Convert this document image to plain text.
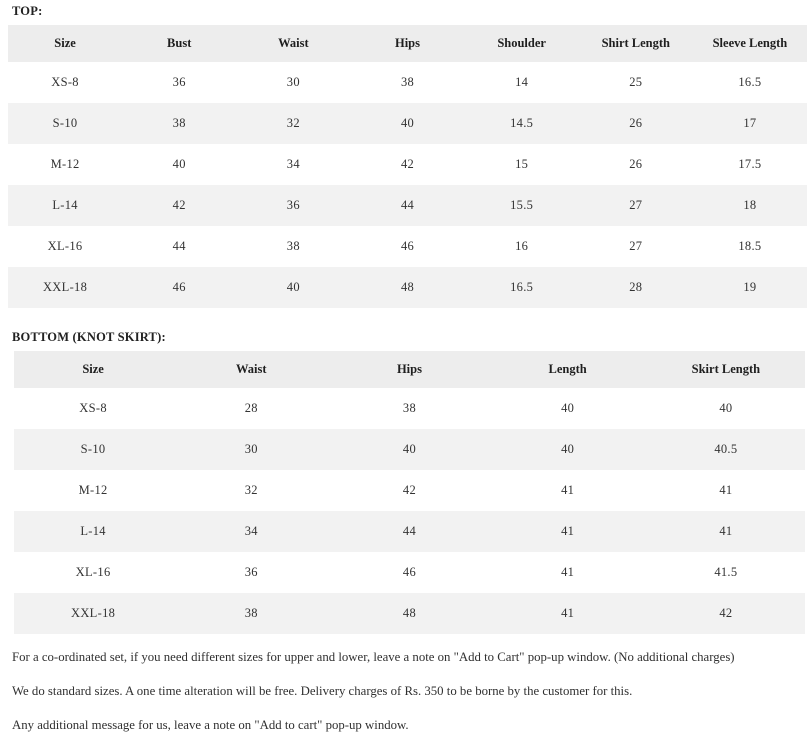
TOP:
Size	Bust	Waist	Hips	Shoulder	Shirt Length	Sleeve Length
XS-8	36	30	38	14	25	16.5
S-10	38	32	40	14.5	26	17
M-12	40	34	42	15	26	17.5
L-14	42	36	44	15.5	27	18
XL-16	44	38	46	16	27	18.5
XXL-18	46	40	48	16.5	28	19
BOTTOM (KNOT SKIRT):
Size	Waist	Hips	Length	Skirt Length
XS-8	28	38	40	40
S-10	30	40	40	40.5
M-12	32	42	41	41
L-14	34	44	41	41
XL-16	36	46	41	41.5
XXL-18	38	48	41	42
For a co-ordinated set, if you need different sizes for upper and lower, leave a note on "Add to Cart" pop-up window. (No additional charges)
We do standard sizes. A one time alteration will be free. Delivery charges of Rs. 350 to be borne by the customer for this.
Any additional message for us, leave a note on "Add to cart" pop-up window.
